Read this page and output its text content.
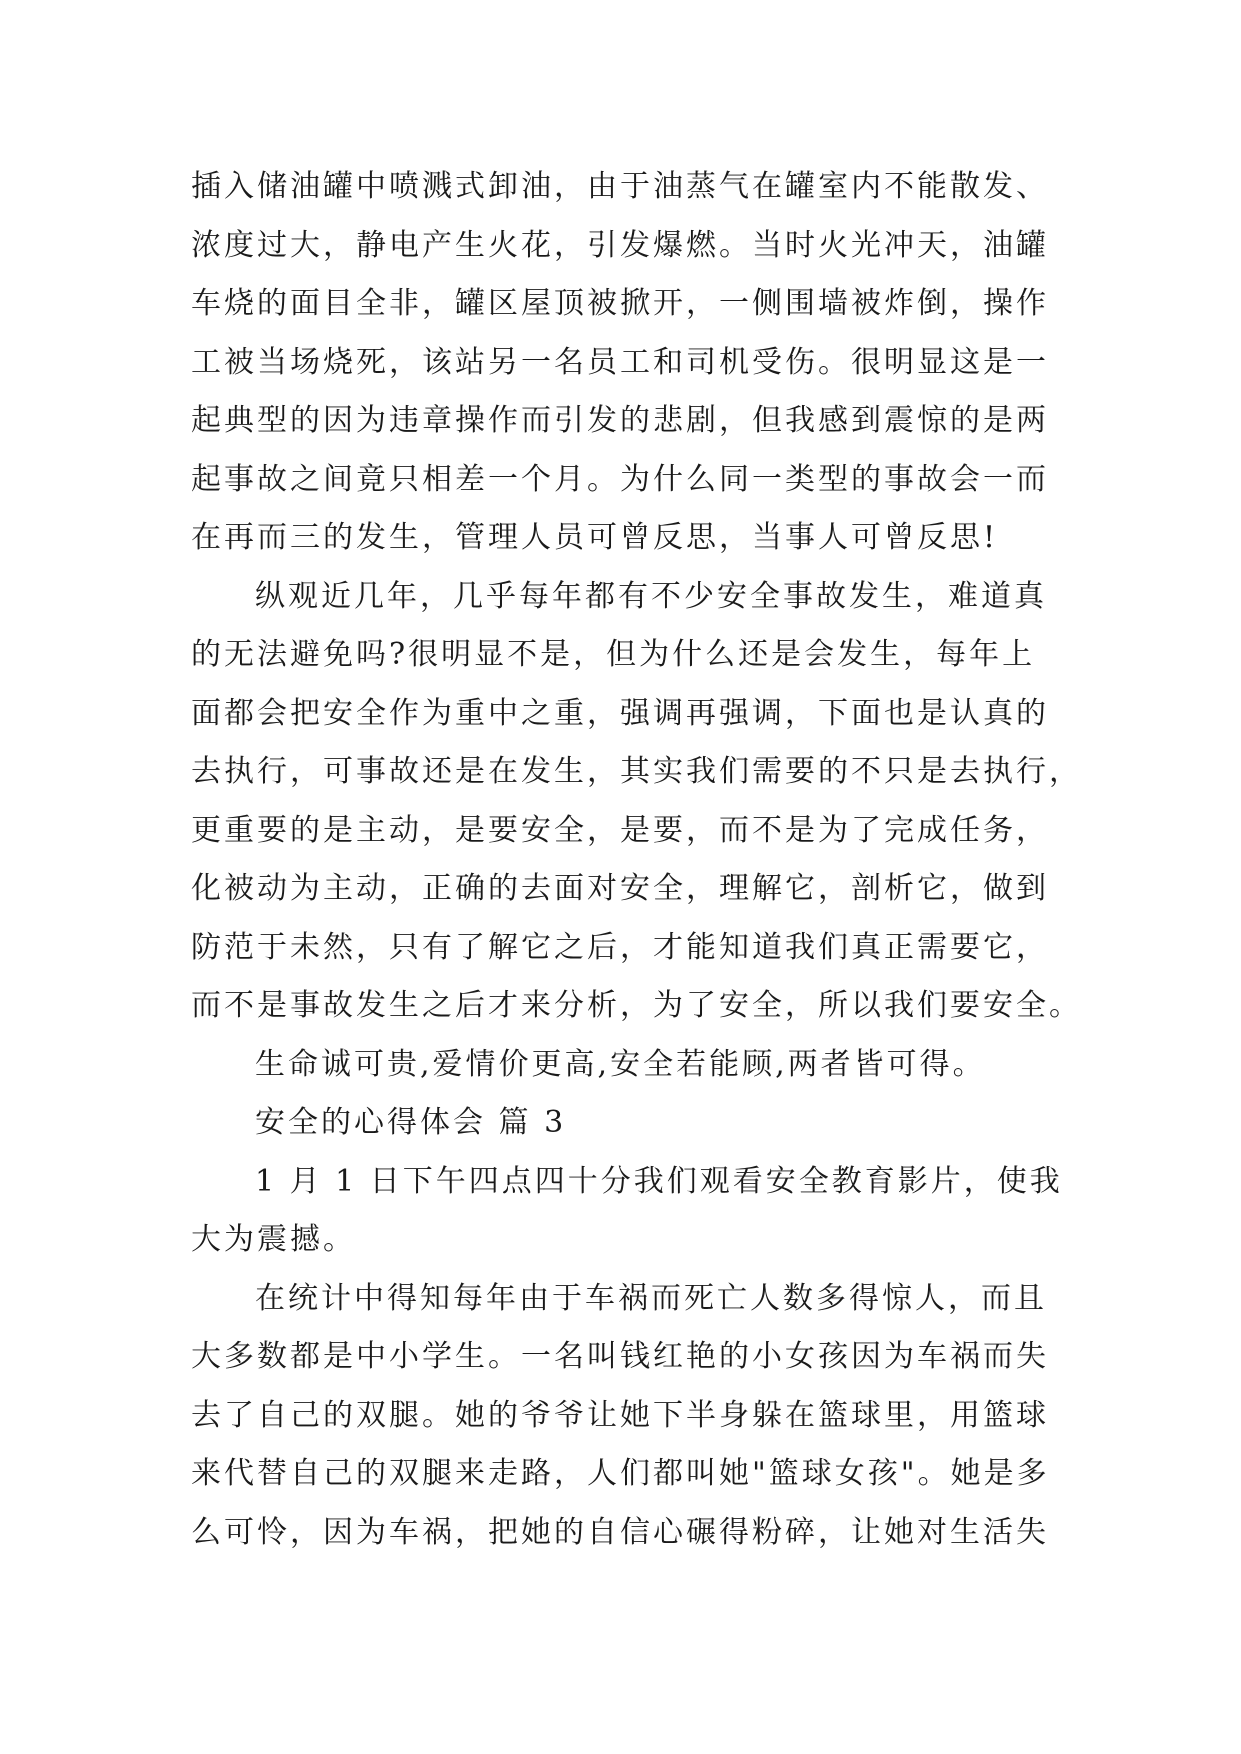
插入储油罐中喷溅式卸油，由于油蒸气在罐室内不能散发、
浓度过大，静电产生火花，引发爆燃。当时火光冲天，油罐
车烧的面目全非，罐区屋顶被掀开，一侧围墙被炸倒，操作
工被当场烧死，该站另一名员工和司机受伤。很明显这是一
起典型的因为违章操作而引发的悲剧，但我感到震惊的是两
起事故之间竟只相差一个月。为什么同一类型的事故会一而
在再而三的发生，管理人员可曾反思，当事人可曾反思!
纵观近几年，几乎每年都有不少安全事故发生，难道真
的无法避免吗?很明显不是，但为什么还是会发生，每年上
面都会把安全作为重中之重，强调再强调，下面也是认真的
去执行，可事故还是在发生，其实我们需要的不只是去执行，
更重要的是主动，是要安全，是要，而不是为了完成任务，
化被动为主动，正确的去面对安全，理解它，剖析它，做到
防范于未然，只有了解它之后，才能知道我们真正需要它，
而不是事故发生之后才来分析，为了安全，所以我们要安全。
生命诚可贵,爱情价更高,安全若能顾,两者皆可得。
安全的心得体会 篇 3
1 月 1 日下午四点四十分我们观看安全教育影片，使我
大为震撼。
在统计中得知每年由于车祸而死亡人数多得惊人，而且
大多数都是中小学生。一名叫钱红艳的小女孩因为车祸而失
去了自己的双腿。她的爷爷让她下半身躲在篮球里，用篮球
来代替自己的双腿来走路，人们都叫她"篮球女孩"。她是多
么可怜，因为车祸，把她的自信心碾得粉碎，让她对生活失
